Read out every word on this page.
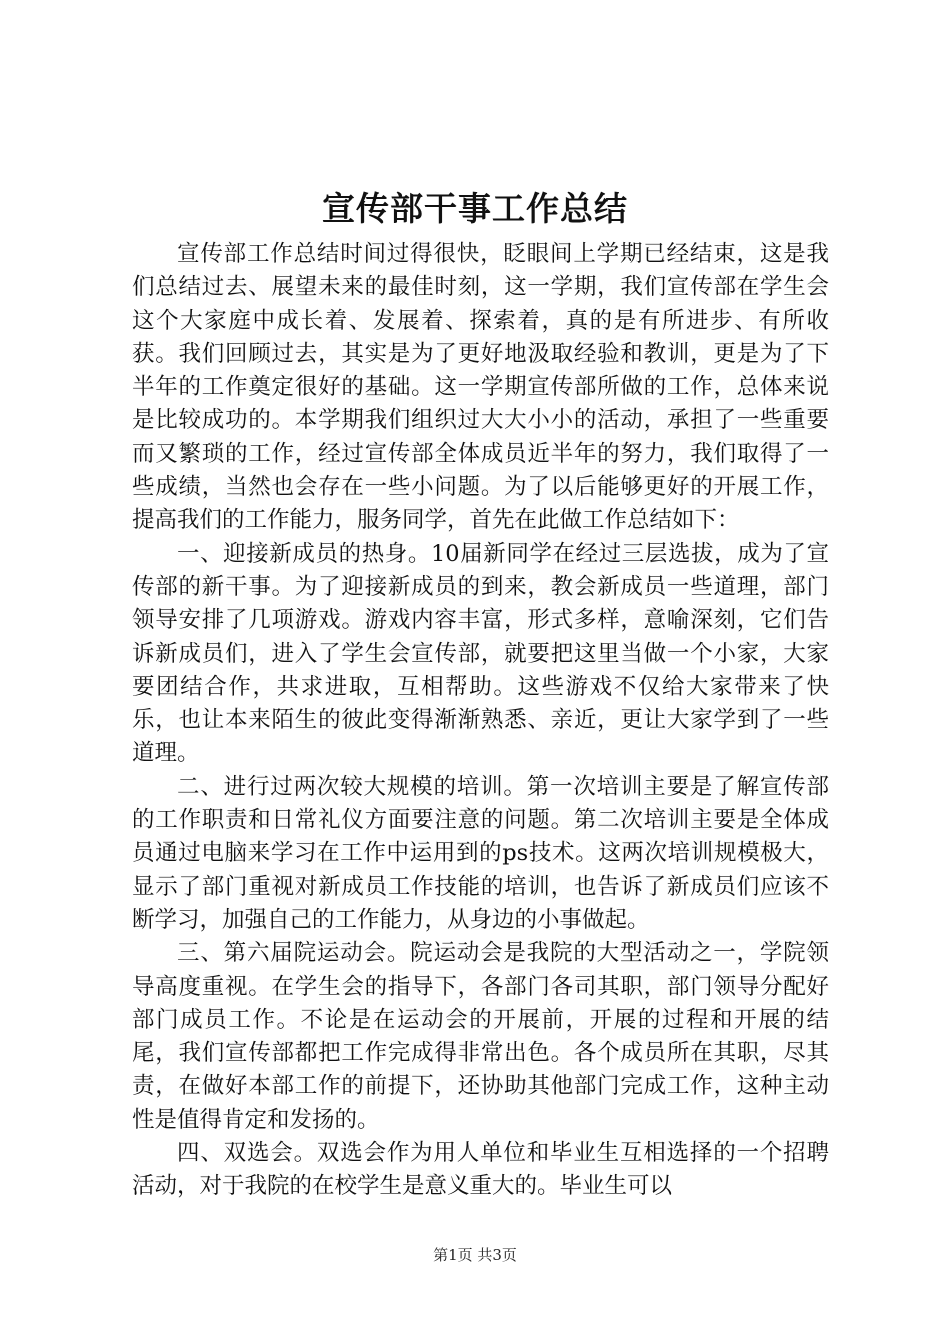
宣传部干事工作总结

宣传部工作总结时间过得很快，眨眼间上学期已经结束，这是我们总结过去、展望未来的最佳时刻，这一学期，我们宣传部在学生会这个大家庭中成长着、发展着、探索着，真的是有所进步、有所收获。我们回顾过去，其实是为了更好地汲取经验和教训，更是为了下半年的工作奠定很好的基础。这一学期宣传部所做的工作，总体来说是比较成功的。本学期我们组织过大大小小的活动，承担了一些重要而又繁琐的工作，经过宣传部全体成员近半年的努力，我们取得了一些成绩，当然也会存在一些小问题。为了以后能够更好的开展工作，提高我们的工作能力，服务同学，首先在此做工作总结如下：

一、迎接新成员的热身。10届新同学在经过三层选拔，成为了宣传部的新干事。为了迎接新成员的到来，教会新成员一些道理，部门领导安排了几项游戏。游戏内容丰富，形式多样，意喻深刻，它们告诉新成员们，进入了学生会宣传部，就要把这里当做一个小家，大家要团结合作，共求进取，互相帮助。这些游戏不仅给大家带来了快乐，也让本来陌生的彼此变得渐渐熟悉、亲近，更让大家学到了一些道理。

二、进行过两次较大规模的培训。第一次培训主要是了解宣传部的工作职责和日常礼仪方面要注意的问题。第二次培训主要是全体成员通过电脑来学习在工作中运用到的ps技术。这两次培训规模极大，显示了部门重视对新成员工作技能的培训，也告诉了新成员们应该不断学习，加强自己的工作能力，从身边的小事做起。

三、第六届院运动会。院运动会是我院的大型活动之一，学院领导高度重视。在学生会的指导下，各部门各司其职，部门领导分配好部门成员工作。不论是在运动会的开展前，开展的过程和开展的结尾，我们宣传部都把工作完成得非常出色。各个成员所在其职，尽其责，在做好本部工作的前提下，还协助其他部门完成工作，这种主动性是值得肯定和发扬的。

四、双选会。双选会作为用人单位和毕业生互相选择的一个招聘活动，对于我院的在校学生是意义重大的。毕业生可以

第1页 共3页
